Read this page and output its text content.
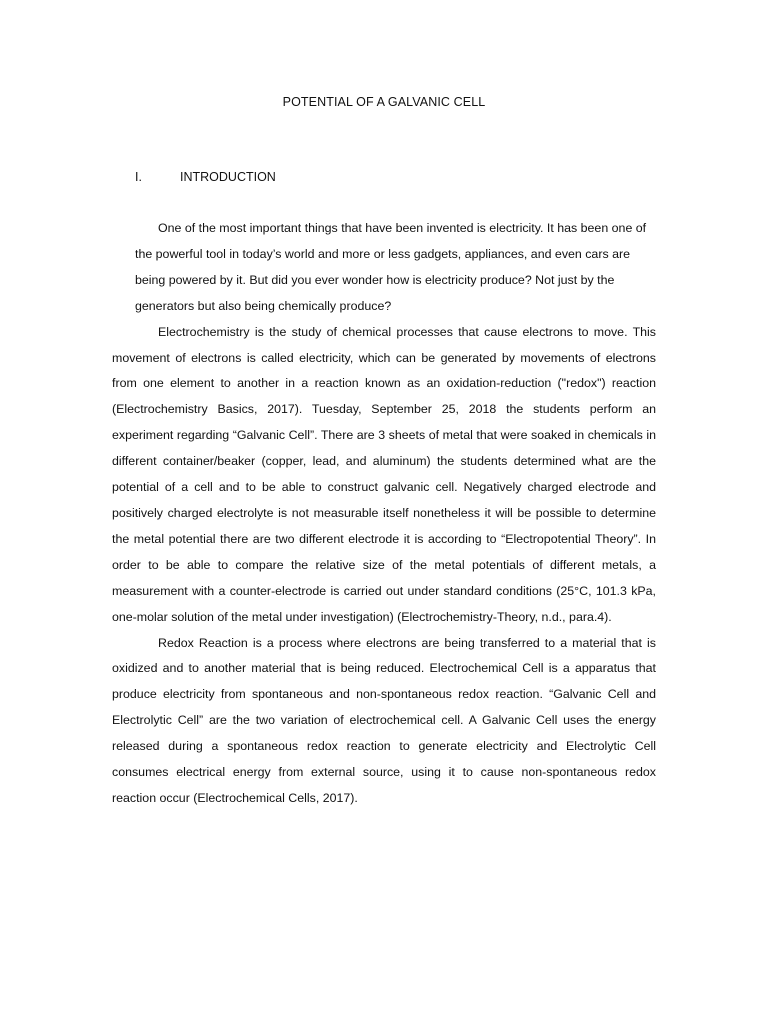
POTENTIAL OF A GALVANIC CELL
I.	INTRODUCTION

One of the most important things that have been invented is electricity. It has been one of the powerful tool in today’s world and more or less gadgets, appliances, and even cars are being powered by it. But did you ever wonder how is electricity produce? Not just by the generators but also being chemically produce?

Electrochemistry is the study of chemical processes that cause electrons to move. This movement of electrons is called electricity, which can be generated by movements of electrons from one element to another in a reaction known as an oxidation-reduction ("redox") reaction (Electrochemistry Basics, 2017). Tuesday, September 25, 2018 the students perform an experiment regarding “Galvanic Cell”. There are 3 sheets of metal that were soaked in chemicals in different container/beaker (copper, lead, and aluminum) the students determined what are the potential of a cell and to be able to construct galvanic cell. Negatively charged electrode and positively charged electrolyte is not measurable itself nonetheless it will be possible to determine the metal potential there are two different electrode it is according to “Electropotential Theory”. In order to be able to compare the relative size of the metal potentials of different metals, a measurement with a counter-electrode is carried out under standard conditions (25°C, 101.3 kPa, one-molar solution of the metal under investigation) (Electrochemistry-Theory, n.d., para.4).

Redox Reaction is a process where electrons are being transferred to a material that is oxidized and to another material that is being reduced. Electrochemical Cell is a apparatus that produce electricity from spontaneous and non-spontaneous redox reaction. “Galvanic Cell and Electrolytic Cell” are the two variation of electrochemical cell. A Galvanic Cell uses the energy released during a spontaneous redox reaction to generate electricity and Electrolytic Cell consumes electrical energy from external source, using it to cause non-spontaneous redox reaction occur (Electrochemical Cells, 2017).
